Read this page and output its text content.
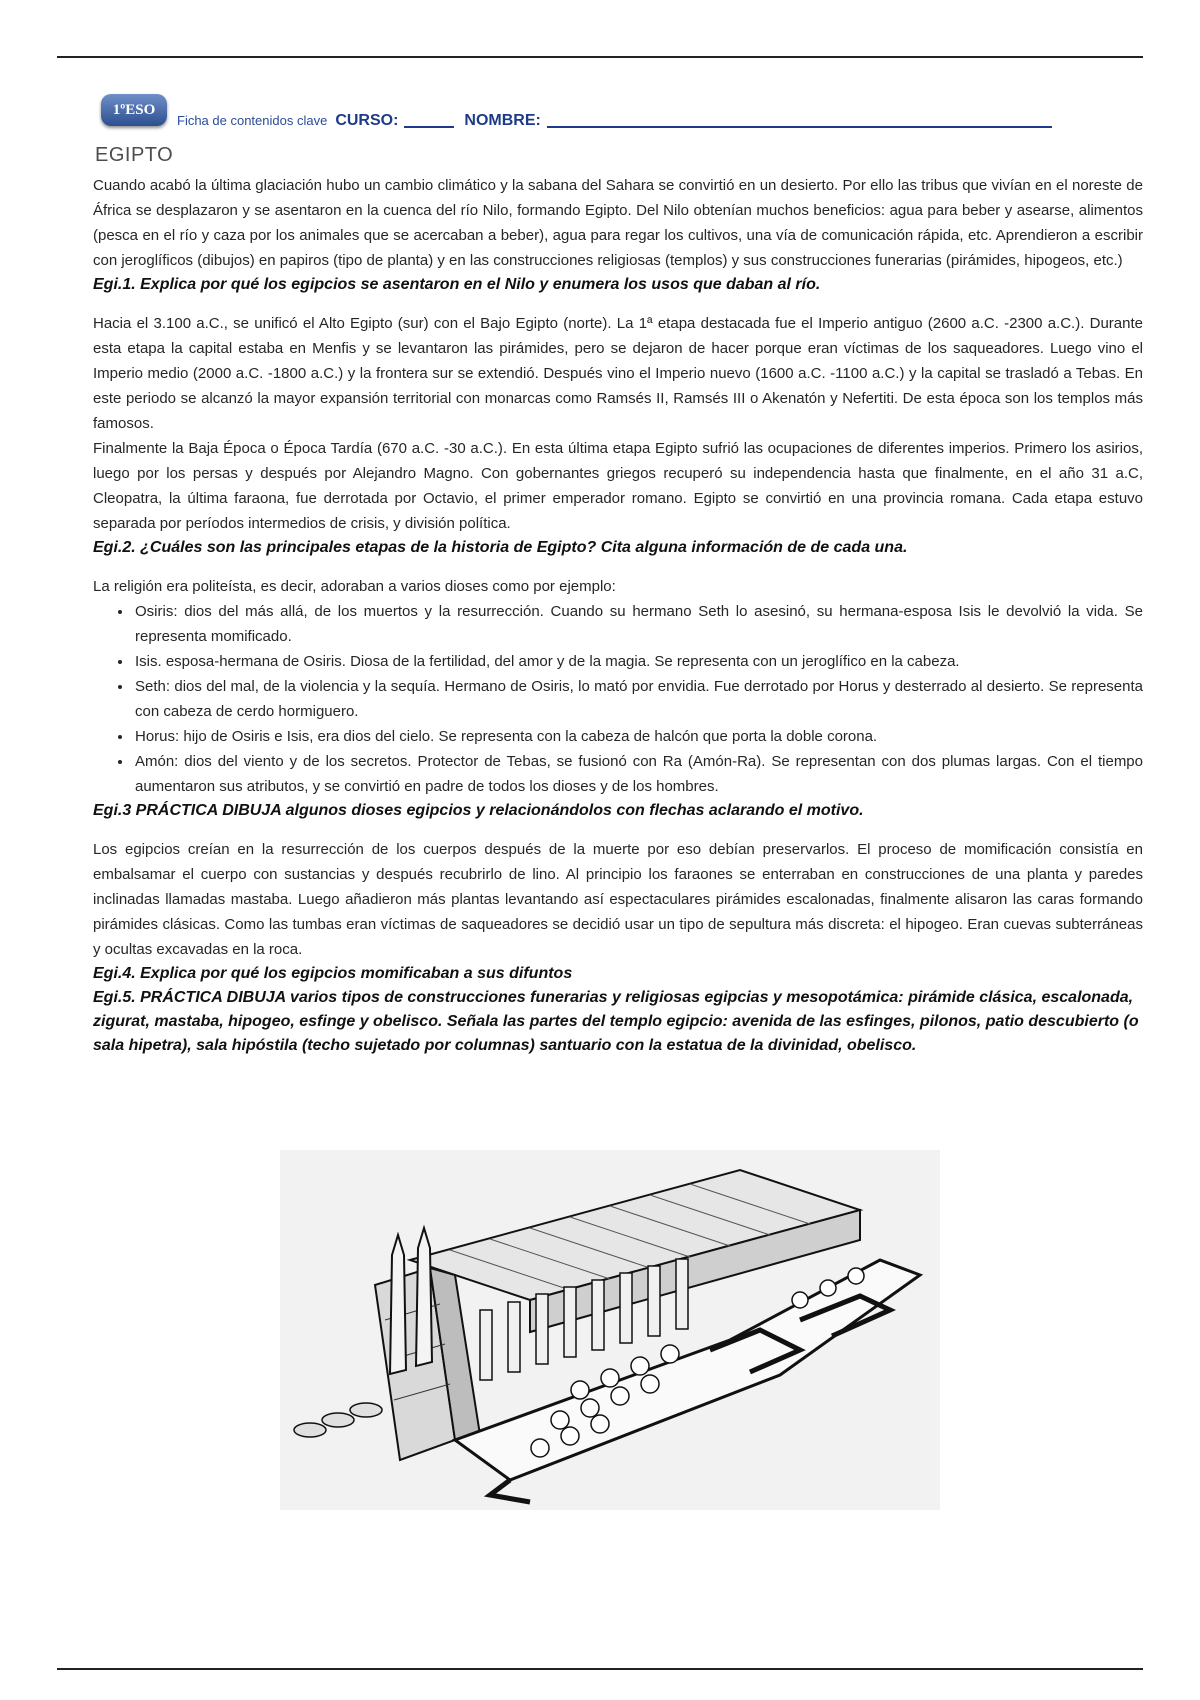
1ºESO
Ficha de contenidos clave CURSO:	NOMBRE:
EGIPTO

Cuando acabó la última glaciación hubo un cambio climático y la sabana del Sahara se convirtió en un desierto. Por ello las tribus que vivían en el noreste de África se desplazaron y se asentaron en la cuenca del río Nilo, formando Egipto. Del Nilo obtenían muchos beneficios: agua para beber y asearse, alimentos (pesca en el río y caza por los animales que se acercaban a beber), agua para regar los cultivos, una vía de comunicación rápida, etc. Aprendieron a escribir con jeroglíficos (dibujos) en papiros (tipo de planta) y en las construcciones religiosas (templos) y sus construcciones funerarias (pirámides, hipogeos, etc.)

Egi.1. Explica por qué los egipcios se asentaron en el Nilo y enumera los usos que daban al río.

Hacia el 3.100 a.C., se unificó el Alto Egipto (sur) con el Bajo Egipto (norte). La 1ª etapa destacada fue el Imperio antiguo (2600 a.C. -2300 a.C.). Durante esta etapa la capital estaba en Menfis y se levantaron las pirámides, pero se dejaron de hacer porque eran víctimas de los saqueadores. Luego vino el Imperio medio (2000 a.C. -1800 a.C.) y la frontera sur se extendió. Después vino el Imperio nuevo (1600 a.C. -1100 a.C.) y la capital se trasladó a Tebas. En este periodo se alcanzó la mayor expansión territorial con monarcas como Ramsés II, Ramsés III o Akenatón y Nefertiti. De esta época son los templos más famosos.

Finalmente la Baja Época o Época Tardía (670 a.C. -30 a.C.). En esta última etapa Egipto sufrió las ocupaciones de diferentes imperios. Primero los asirios, luego por los persas y después por Alejandro Magno. Con gobernantes griegos recuperó su independencia hasta que finalmente, en el año 31 a.C, Cleopatra, la última faraona, fue derrotada por Octavio, el primer emperador romano. Egipto se convirtió en una provincia romana. Cada etapa estuvo separada por períodos intermedios de crisis, y división política.

Egi.2. ¿Cuáles son las principales etapas de la historia de Egipto? Cita alguna información de de cada una.

La religión era politeísta, es decir, adoraban a varios dioses como por ejemplo:

• Osiris: dios del más allá, de los muertos y la resurrección. Cuando su hermano Seth lo asesinó, su hermana-esposa Isis le devolvió la vida. Se representa momificado.
• Isis. esposa-hermana de Osiris. Diosa de la fertilidad, del amor y de la magia. Se representa con un jeroglífico en la cabeza.
• Seth: dios del mal, de la violencia y la sequía. Hermano de Osiris, lo mató por envidia. Fue derrotado por Horus y desterrado al desierto. Se representa con cabeza de cerdo hormiguero.
• Horus: hijo de Osiris e Isis, era dios del cielo. Se representa con la cabeza de halcón que porta la doble corona.
• Amón: dios del viento y de los secretos. Protector de Tebas, se fusionó con Ra (Amón-Ra). Se representan con dos plumas largas. Con el tiempo aumentaron sus atributos, y se convirtió en padre de todos los dioses y de los hombres.

Egi.3 PRÁCTICA DIBUJA algunos dioses egipcios y relacionándolos con flechas aclarando el motivo.

Los egipcios creían en la resurrección de los cuerpos después de la muerte por eso debían preservarlos. El proceso de momificación consistía en embalsamar el cuerpo con sustancias y después recubrirlo de lino. Al principio los faraones se enterraban en construcciones de una planta y paredes inclinadas llamadas mastaba. Luego añadieron más plantas levantando así espectaculares pirámides escalonadas, finalmente alisaron las caras formando pirámides clásicas. Como las tumbas eran víctimas de saqueadores se decidió usar un tipo de sepultura más discreta: el hipogeo. Eran cuevas subterráneas y ocultas excavadas en la roca.

Egi.4. Explica por qué los egipcios momificaban a sus difuntos

Egi.5. PRÁCTICA DIBUJA varios tipos de construcciones funerarias y religiosas egipcias y mesopotámica: pirámide clásica, escalonada, zigurat, mastaba, hipogeo, esfinge y obelisco. Señala las partes del templo egipcio: avenida de las esfinges, pilonos, patio descubierto (o sala hipetra), sala hipóstila (techo sujetado por columnas) santuario con la estatua de la divinidad, obelisco.
